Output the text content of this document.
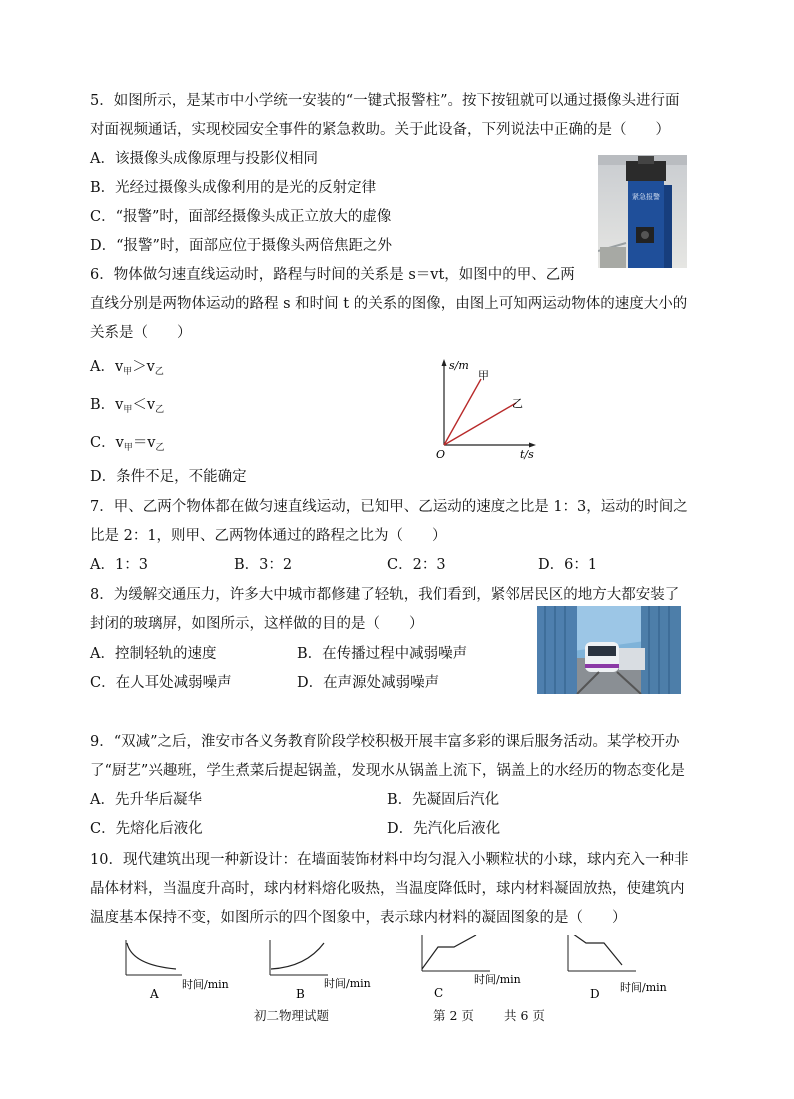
5．如图所示，是某市中小学统一安装的“一键式报警柱”。按下按钮就可以通过摄像头进行面
对面视频通话，实现校园安全事件的紧急救助。关于此设备，下列说法中正确的是（　　）
A．该摄像头成像原理与投影仪相同
B．光经过摄像头成像利用的是光的反射定律
C．“报警”时，面部经摄像头成正立放大的虚像
D．“报警”时，面部应位于摄像头两倍焦距之外
紧急报警
6．物体做匀速直线运动时，路程与时间的关系是 s＝vt，如图中的甲、乙两
直线分别是两物体运动的路程 s 和时间 t 的关系的图像，由图上可知两运动物体的速度大小的
关系是（　　）
A．$v_甲>v_乙$
B．$v_甲<v_乙$
C．$v_甲=v_乙$
D．条件不足，不能确定
s/m
甲
乙
O	t/s
7．甲、乙两个物体都在做匀速直线运动，已知甲、乙运动的速度之比是 1：3，运动的时间之
比是 2：1，则甲、乙两物体通过的路程之比为（　　）
A．1：3	B．3：2	C．2：3	D．6：1
8．为缓解交通压力，许多大中城市都修建了轻轨，我们看到，紧邻居民区的地方大都安装了
封闭的玻璃屏，如图所示，这样做的目的是（　　）
A．控制轻轨的速度	B．在传播过程中减弱噪声
C．在人耳处减弱噪声	D．在声源处减弱噪声
9．“双减”之后，淮安市各义务教育阶段学校积极开展丰富多彩的课后服务活动。某学校开办
了“厨艺”兴趣班，学生煮菜后提起锅盖，发现水从锅盖上流下，锅盖上的水经历的物态变化是
A．先升华后凝华	B．先凝固后汽化
C．先熔化后液化	D．先汽化后液化
10．现代建筑出现一种新设计：在墙面装饰材料中均匀混入小颗粒状的小球，球内充入一种非
晶体材料，当温度升高时，球内材料熔化吸热，当温度降低时，球内材料凝固放热，使建筑内
温度基本保持不变，如图所示的四个图象中，表示球内材料的凝固图象的是（　　）
时间/min
A
时间/min
B
时间/min
C	时间/min
D
初二物理试题	第 2 页 共 6 页
